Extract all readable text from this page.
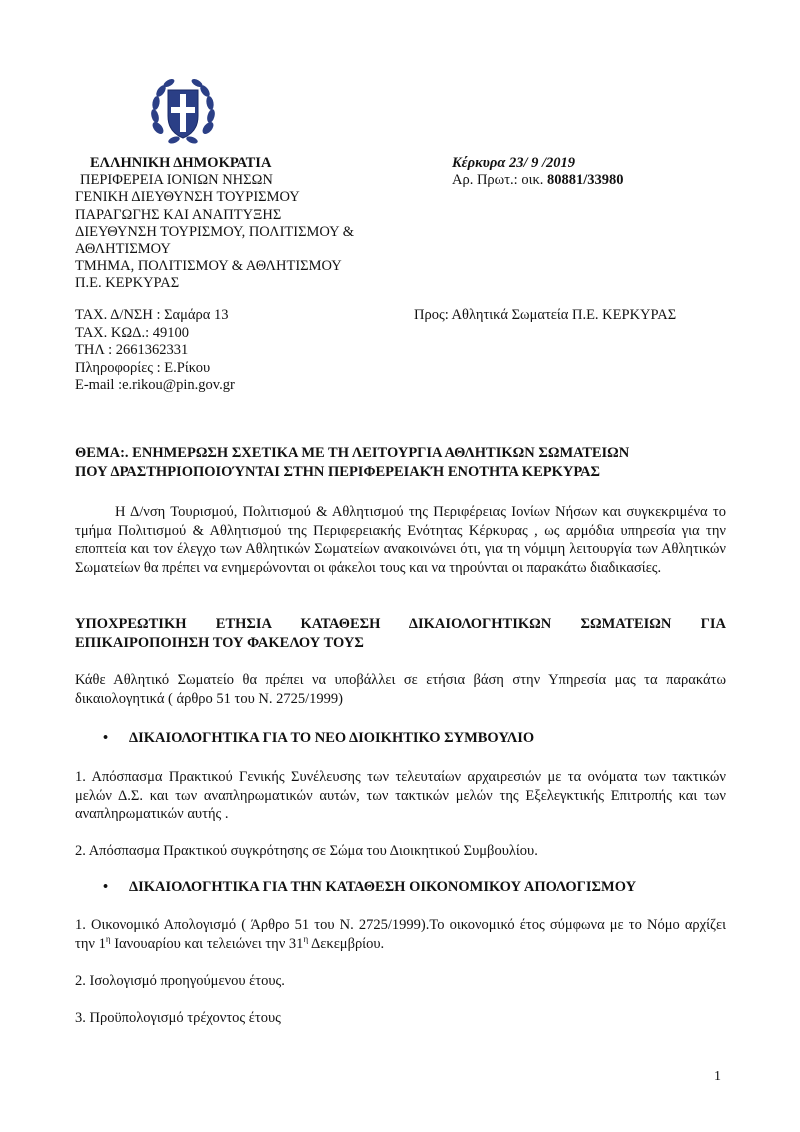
ΕΛΛΗΝΙΚΗ ΔΗΜΟΚΡΑΤΙΑ
ΠΕΡΙΦΕΡΕΙΑ ΙΟΝΙΩΝ ΝΗΣΩΝ
ΓΕΝΙΚΗ ΔΙΕΥΘΥΝΣΗ ΤΟΥΡΙΣΜΟΥ
ΠΑΡΑΓΩΓΗΣ ΚΑΙ ΑΝΑΠΤΥΞΗΣ
ΔΙΕΥΘΥΝΣΗ ΤΟΥΡΙΣΜΟΥ, ΠΟΛΙΤΙΣΜΟΥ &
ΑΘΛΗΤΙΣΜΟΥ
ΤΜΗΜΑ, ΠΟΛΙΤΙΣΜΟΥ & ΑΘΛΗΤΙΣΜΟΥ
Π.Ε. ΚΕΡΚΥΡΑΣ
Κέρκυρα 23/ 9 /2019
Αρ. Πρωτ.: οικ. 80881/33980
ΤΑΧ. Δ/ΝΣΗ : Σαμάρα 13
ΤΑΧ. ΚΩΔ.: 49100
ΤΗΛ : 2661362331
Πληροφορίες : Ε.Ρίκου
E-mail :e.rikou@pin.gov.gr
Προς: Αθλητικά Σωματεία Π.Ε. ΚΕΡΚΥΡΑΣ
ΘΕΜΑ:. ΕΝΗΜΕΡΩΣΗ ΣΧΕΤΙΚΑ ΜΕ ΤΗ ΛΕΙΤΟΥΡΓΙΑ ΑΘΛΗΤΙΚΩΝ ΣΩΜΑΤΕΙΩΝ
ΠΟΥ ΔΡΑΣΤΗΡΙΟΠΟΙΟΎΝΤΑΙ ΣΤΗΝ ΠΕΡΙΦΕΡΕΙΑΚΉ ΕΝΟΤΗΤΑ ΚΕΡΚΥΡΑΣ
Η Δ/νση Τουρισμού, Πολιτισμού & Αθλητισμού της Περιφέρειας Ιονίων Νήσων και συγκεκριμένα το τμήμα Πολιτισμού & Αθλητισμού της Περιφερειακής Ενότητας Κέρκυρας , ως αρμόδια υπηρεσία για την εποπτεία και τον έλεγχο των Αθλητικών Σωματείων ανακοινώνει ότι, για τη νόμιμη λειτουργία των Αθλητικών Σωματείων θα πρέπει να ενημερώνονται οι φάκελοι τους και να τηρούνται οι παρακάτω διαδικασίες.
ΥΠΟΧΡΕΩΤΙΚΗ ΕΤΗΣΙΑ ΚΑΤΑΘΕΣΗ ΔΙΚΑΙΟΛΟΓΗΤΙΚΩΝ ΣΩΜΑΤΕΙΩΝ ΓΙΑ ΕΠΙΚΑΙΡΟΠΟΙΗΣΗ ΤΟΥ ΦΑΚΕΛΟΥ ΤΟΥΣ
Κάθε Αθλητικό Σωματείο θα πρέπει να υποβάλλει σε ετήσια βάση στην Υπηρεσία μας τα παρακάτω δικαιολογητικά ( άρθρο 51 του Ν. 2725/1999)
• ΔΙΚΑΙΟΛΟΓΗΤΙΚΑ ΓΙΑ ΤΟ ΝΕΟ ΔΙΟΙΚΗΤΙΚΟ ΣΥΜΒΟΥΛΙΟ
1. Απόσπασμα Πρακτικού Γενικής Συνέλευσης των τελευταίων αρχαιρεσιών με τα ονόματα των τακτικών μελών Δ.Σ. και των αναπληρωματικών αυτών, των τακτικών μελών της Εξελεγκτικής Επιτροπής και των αναπληρωματικών αυτής .
2. Απόσπασμα Πρακτικού συγκρότησης σε Σώμα του Διοικητικού Συμβουλίου.
• ΔΙΚΑΙΟΛΟΓΗΤΙΚΑ ΓΙΑ ΤΗΝ ΚΑΤΑΘΕΣΗ ΟΙΚΟΝΟΜΙΚΟΥ ΑΠΟΛΟΓΙΣΜΟΥ
1. Οικονομικό Απολογισμό ( Άρθρο 51 του Ν. 2725/1999).Το οικονομικό έτος σύμφωνα με το Νόμο αρχίζει την $1^\eta$ Ιανουαρίου και τελειώνει την $31^\eta$ Δεκεμβρίου.
2. Ισολογισμό προηγούμενου έτους.
3. Προϋπολογισμό τρέχοντος έτους
1
